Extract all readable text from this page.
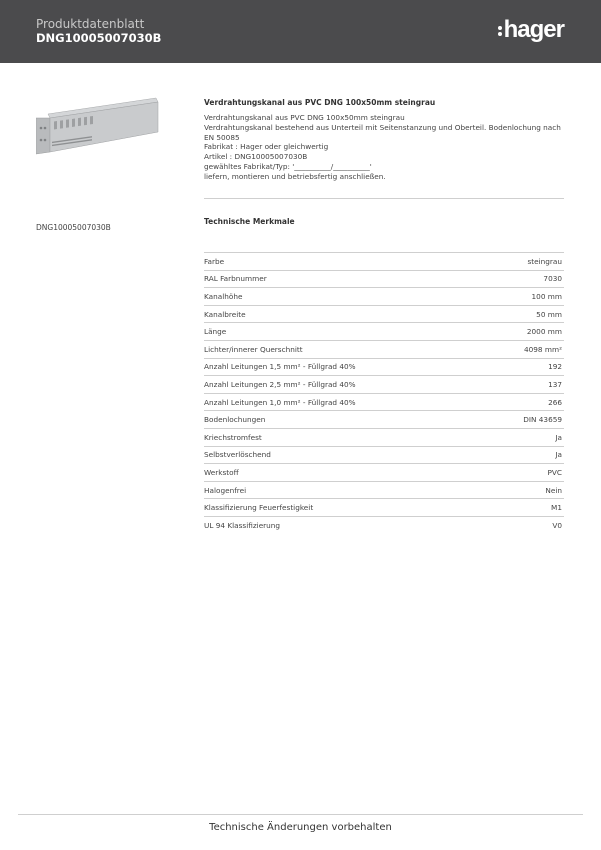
Produktdatenblatt
DNG10005007030B	hager
DNG10005007030B
Verdrahtungskanal aus PVC DNG 100x50mm steingrau

Verdrahtungskanal aus PVC DNG 100x50mm steingrau

Verdrahtungskanal bestehend aus Unterteil mit Seitenstanzung und Oberteil. Bodenlochung nach

EN 50085

Fabrikat : Hager oder gleichwertig

Artikel : DNG10005007030B

gewähltes Fabrikat/Typ: '__________/__________'

liefern, montieren und betriebsfertig anschließen.

Technische Merkmale
Farbe	steingrau
RAL Farbnummer	7030
Kanalhöhe	100 mm
Kanalbreite	50 mm
Länge	2000 mm
Lichter/innerer Querschnitt	4098 mm²
Anzahl Leitungen 1,5 mm² - Füllgrad 40%	192
Anzahl Leitungen 2,5 mm² - Füllgrad 40%	137
Anzahl Leitungen 1,0 mm² - Füllgrad 40%	266
Bodenlochungen	DIN 43659
Kriechstromfest	Ja
Selbstverlöschend	Ja
Werkstoff	PVC
Halogenfrei	Nein
Klassifizierung Feuerfestigkeit	M1
UL 94 Klassifizierung	V0
Technische Änderungen vorbehalten
